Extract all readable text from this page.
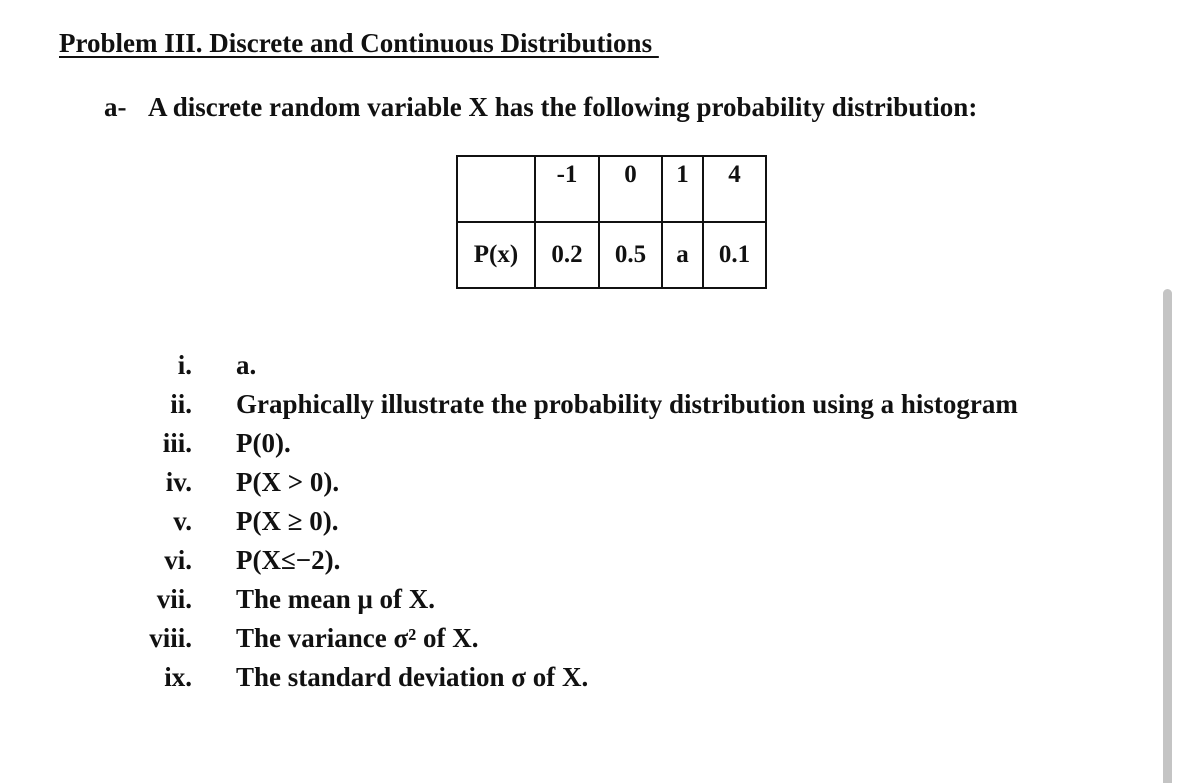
Problem III. Discrete and Continuous Distributions
a- A discrete random variable X has the following probability distribution:
	-1	0	1	4
P(x)	0.2	0.5	a	0.1
i. a.
ii. Graphically illustrate the probability distribution using a histogram
iii. P(0).
iv. P(X > 0).
v. P(X ≥ 0).
vi. P(X≤−2).
vii. The mean μ of X.
viii. The variance σ² of X.
ix. The standard deviation σ of X.
